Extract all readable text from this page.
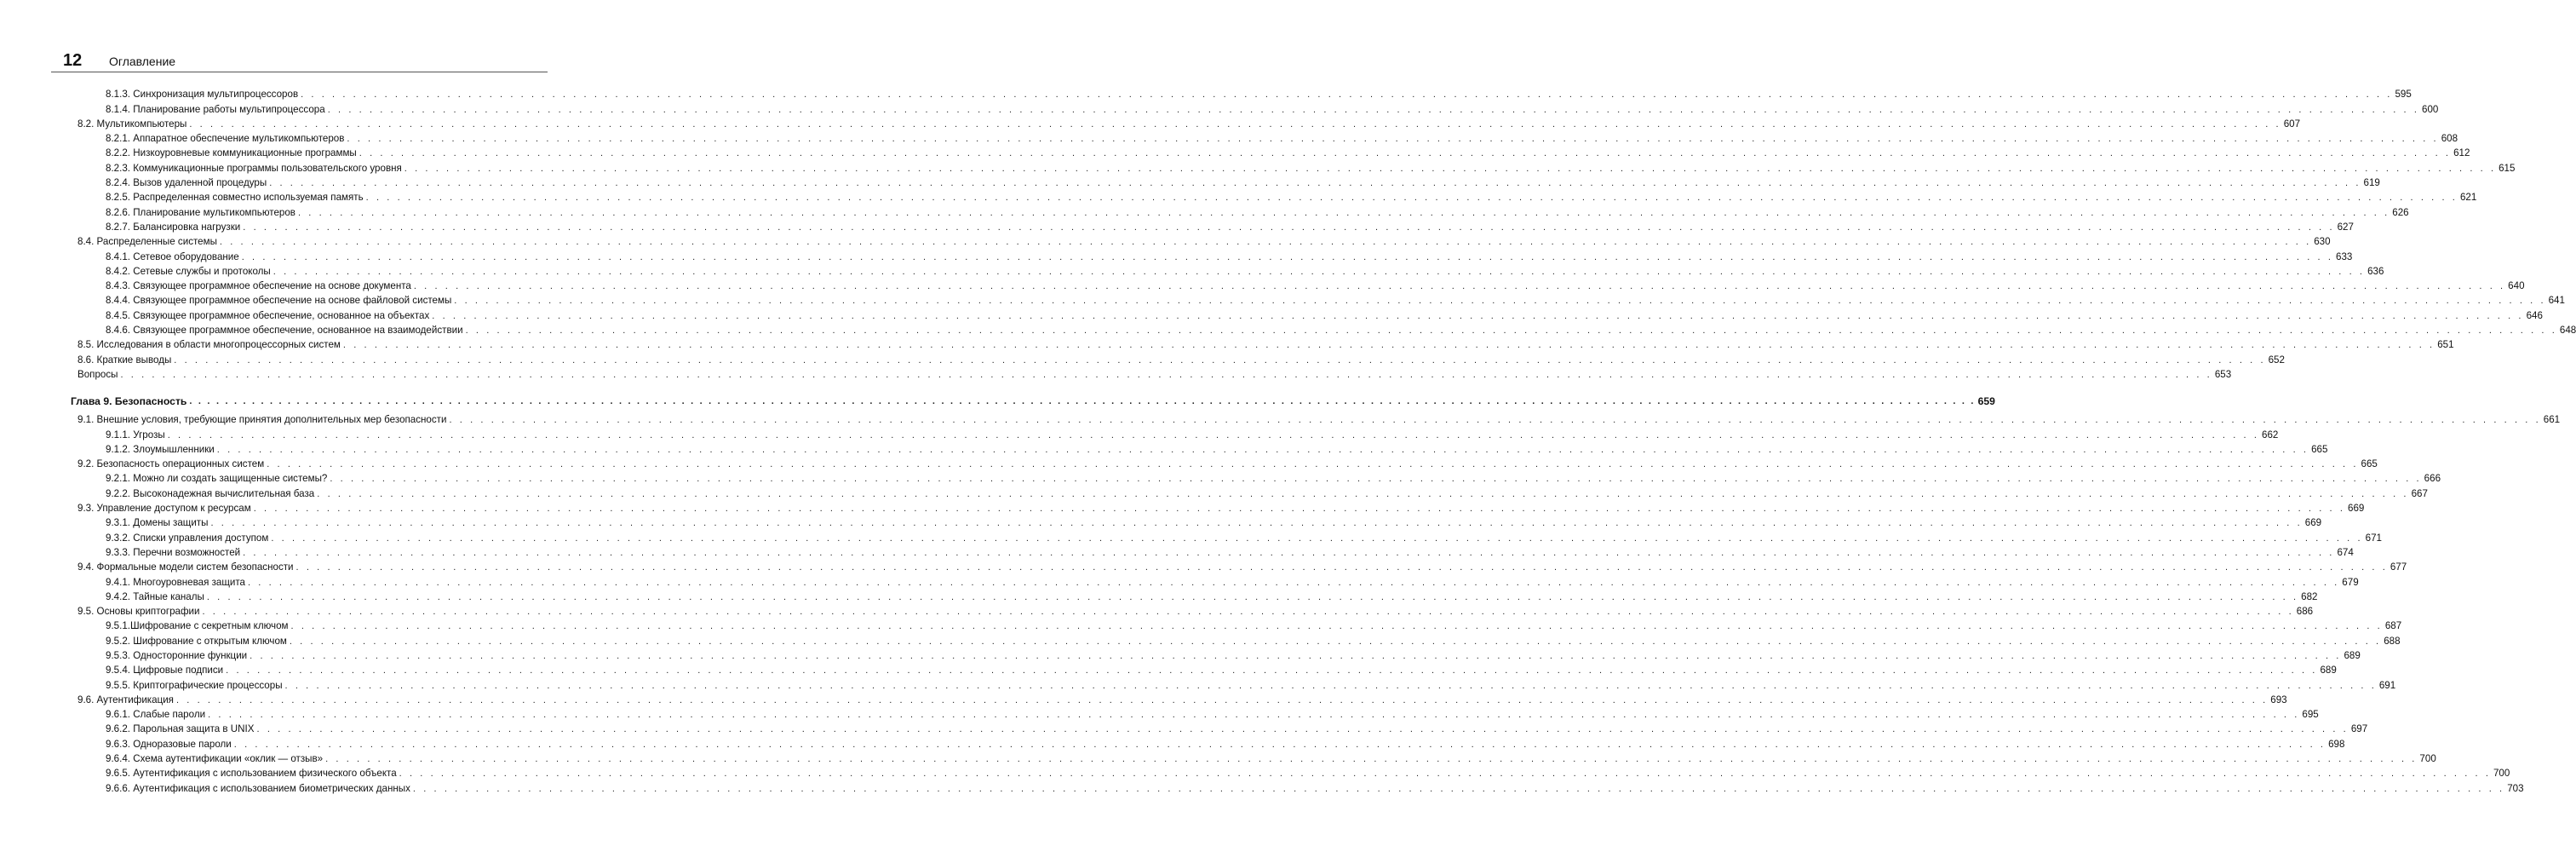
12 Оглавление
8.1.3. Синхронизация мультипроцессоров . . . . . . . . . . . . . . . . . . . . . . . . . . . . . . . . . . . . . . . . . . . . . . . . . . . . . . . . . . . . . . . . . . . . . . . . . . . . . . . . . . . . . . . . . . . . . . . . . . . . . . . . . . . . . . . . . . . . . . . . . . . . . . . . . . . . . . . . . . . . . . . . . . . . . . . . . . . . . . . . . . . . . . . . . . . . . . . . . . . . . . . . . . . . . . . . . . . . . . . . 595
8.1.4. Планирование работы мультипроцессора . . . . . . . . . . . . . . . . . . . . . . . . . . . . . . . . . . . . . . . . . . . . . . . . . . . . . . . . . . . . . . . . . . . . . . . . . . . . . . . . . . . . . . . . . . . . . . . . . . . . . . . . . . . . . . . . . . . . . . . . . . . . . . . . . . . . . . . . . . . . . . . . . . . . . . . . . . . . . . . . . . . . . . . . . . . . . . . . . . . . . . . . . . . . . . . . . . . . . . . . 600
8.2. Мультикомпьютеры . . . . . . . . . . . . . . . . . . . . . . . . . . . . . . . . . . . . . . . . . . . . . . . . . . . . . . . . . . . . . . . . . . . . . . . . . . . . . . . . . . . . . . . . . . . . . . . . . . . . . . . . . . . . . . . . . . . . . . . . . . . . . . . . . . . . . . . . . . . . . . . . . . . . . . . . . . . . . . . . . . . . . . . . . . . . . . . . . . . . . . . . . . . . . . . . . . . . . . . . 607
8.2.1. Аппаратное обеспечение мультикомпьютеров . . . . . . . . . . . . . . . . . . . . . . . . . . . . . . . . . . . . . . . . . . . . . . . . . . . . . . . . . . . . . . . . . . . . . . . . . . . . . . . . . . . . . . . . . . . . . . . . . . . . . . . . . . . . . . . . . . . . . . . . . . . . . . . . . . . . . . . . . . . . . . . . . . . . . . . . . . . . . . . . . . . . . . . . . . . . . . . . . . . . . . . . . . . . . . . . . . . . . . . . 608
8.2.2. Низкоуровневые коммуникационные программы . . . . . . . . . . . . . . . . . . . . . . . . . . . . . . . . . . . . . . . . . . . . . . . . . . . . . . . . . . . . . . . . . . . . . . . . . . . . . . . . . . . . . . . . . . . . . . . . . . . . . . . . . . . . . . . . . . . . . . . . . . . . . . . . . . . . . . . . . . . . . . . . . . . . . . . . . . . . . . . . . . . . . . . . . . . . . . . . . . . . . . . . . . . . . . . . . . . . . . . . 612
8.2.3. Коммуникационные программы пользовательского уровня . . . . . . . . . . . . . . . . . . . . . . . . . . . . . . . . . . . . . . . . . . . . . . . . . . . . . . . . . . . . . . . . . . . . . . . . . . . . . . . . . . . . . . . . . . . . . . . . . . . . . . . . . . . . . . . . . . . . . . . . . . . . . . . . . . . . . . . . . . . . . . . . . . . . . . . . . . . . . . . . . . . . . . . . . . . . . . . . . . . . . . . . . . . . . . . . . . . . . . . . 615
8.2.4. Вызов удаленной процедуры . . . . . . . . . . . . . . . . . . . . . . . . . . . . . . . . . . . . . . . . . . . . . . . . . . . . . . . . . . . . . . . . . . . . . . . . . . . . . . . . . . . . . . . . . . . . . . . . . . . . . . . . . . . . . . . . . . . . . . . . . . . . . . . . . . . . . . . . . . . . . . . . . . . . . . . . . . . . . . . . . . . . . . . . . . . . . . . . . . . . . . . . . . . . . . . . . . . . . . . . 619
8.2.5. Распределенная совместно используемая память . . . . . . . . . . . . . . . . . . . . . . . . . . . . . . . . . . . . . . . . . . . . . . . . . . . . . . . . . . . . . . . . . . . . . . . . . . . . . . . . . . . . . . . . . . . . . . . . . . . . . . . . . . . . . . . . . . . . . . . . . . . . . . . . . . . . . . . . . . . . . . . . . . . . . . . . . . . . . . . . . . . . . . . . . . . . . . . . . . . . . . . . . . . . . . . . . . . . . . . . 621
8.2.6. Планирование мультикомпьютеров . . . . . . . . . . . . . . . . . . . . . . . . . . . . . . . . . . . . . . . . . . . . . . . . . . . . . . . . . . . . . . . . . . . . . . . . . . . . . . . . . . . . . . . . . . . . . . . . . . . . . . . . . . . . . . . . . . . . . . . . . . . . . . . . . . . . . . . . . . . . . . . . . . . . . . . . . . . . . . . . . . . . . . . . . . . . . . . . . . . . . . . . . . . . . . . . . . . . . . . . 626
8.2.7. Балансировка нагрузки . . . . . . . . . . . . . . . . . . . . . . . . . . . . . . . . . . . . . . . . . . . . . . . . . . . . . . . . . . . . . . . . . . . . . . . . . . . . . . . . . . . . . . . . . . . . . . . . . . . . . . . . . . . . . . . . . . . . . . . . . . . . . . . . . . . . . . . . . . . . . . . . . . . . . . . . . . . . . . . . . . . . . . . . . . . . . . . . . . . . . . . . . . . . . . . . . . . . . . . . 627
8.4. Распределенные системы . . . . . . . . . . . . . . . . . . . . . . . . . . . . . . . . . . . . . . . . . . . . . . . . . . . . . . . . . . . . . . . . . . . . . . . . . . . . . . . . . . . . . . . . . . . . . . . . . . . . . . . . . . . . . . . . . . . . . . . . . . . . . . . . . . . . . . . . . . . . . . . . . . . . . . . . . . . . . . . . . . . . . . . . . . . . . . . . . . . . . . . . . . . . . . . . . . . . . . . . 630
8.4.1. Сетевое оборудование . . . . . . . . . . . . . . . . . . . . . . . . . . . . . . . . . . . . . . . . . . . . . . . . . . . . . . . . . . . . . . . . . . . . . . . . . . . . . . . . . . . . . . . . . . . . . . . . . . . . . . . . . . . . . . . . . . . . . . . . . . . . . . . . . . . . . . . . . . . . . . . . . . . . . . . . . . . . . . . . . . . . . . . . . . . . . . . . . . . . . . . . . . . . . . . . . . . . . . . . 633
8.4.2. Сетевые службы и протоколы . . . . . . . . . . . . . . . . . . . . . . . . . . . . . . . . . . . . . . . . . . . . . . . . . . . . . . . . . . . . . . . . . . . . . . . . . . . . . . . . . . . . . . . . . . . . . . . . . . . . . . . . . . . . . . . . . . . . . . . . . . . . . . . . . . . . . . . . . . . . . . . . . . . . . . . . . . . . . . . . . . . . . . . . . . . . . . . . . . . . . . . . . . . . . . . . . . . . . . . . 636
8.4.3. Связующее программное обеспечение на основе документа . . . . . . . . . . . . . . . . . . . . . . . . . . . . . . . . . . . . . . . . . . . . . . . . . . . . . . . . . . . . . . . . . . . . . . . . . . . . . . . . . . . . . . . . . . . . . . . . . . . . . . . . . . . . . . . . . . . . . . . . . . . . . . . . . . . . . . . . . . . . . . . . . . . . . . . . . . . . . . . . . . . . . . . . . . . . . . . . . . . . . . . . . . . . . . . . . . . . . . . . 640
8.4.4. Связующее программное обеспечение на основе файловой системы . . . . . . . . . . . . . . . . . . . . . . . . . . . . . . . . . . . . . . . . . . . . . . . . . . . . . . . . . . . . . . . . . . . . . . . . . . . . . . . . . . . . . . . . . . . . . . . . . . . . . . . . . . . . . . . . . . . . . . . . . . . . . . . . . . . . . . . . . . . . . . . . . . . . . . . . . . . . . . . . . . . . . . . . . . . . . . . . . . . . . . . . . . . . . . . . . . . . . . . . 641
8.4.5. Связующее программное обеспечение, основанное на объектах . . . . . . . . . . . . . . . . . . . . . . . . . . . . . . . . . . . . . . . . . . . . . . . . . . . . . . . . . . . . . . . . . . . . . . . . . . . . . . . . . . . . . . . . . . . . . . . . . . . . . . . . . . . . . . . . . . . . . . . . . . . . . . . . . . . . . . . . . . . . . . . . . . . . . . . . . . . . . . . . . . . . . . . . . . . . . . . . . . . . . . . . . . . . . . . . . . . . . . . . 646
8.4.6. Связующее программное обеспечение, основанное на взаимодействии . . . . . . . . . . . . . . . . . . . . . . . . . . . . . . . . . . . . . . . . . . . . . . . . . . . . . . . . . . . . . . . . . . . . . . . . . . . . . . . . . . . . . . . . . . . . . . . . . . . . . . . . . . . . . . . . . . . . . . . . . . . . . . . . . . . . . . . . . . . . . . . . . . . . . . . . . . . . . . . . . . . . . . . . . . . . . . . . . . . . . . . . . . . . . . . . . . . . . . . . 648
8.5. Исследования в области многопроцессорных систем . . . . . . . . . . . . . . . . . . . . . . . . . . . . . . . . . . . . . . . . . . . . . . . . . . . . . . . . . . . . . . . . . . . . . . . . . . . . . . . . . . . . . . . . . . . . . . . . . . . . . . . . . . . . . . . . . . . . . . . . . . . . . . . . . . . . . . . . . . . . . . . . . . . . . . . . . . . . . . . . . . . . . . . . . . . . . . . . . . . . . . . . . . . . . . . . . . . . . . . . 651
8.6. Краткие выводы . . . . . . . . . . . . . . . . . . . . . . . . . . . . . . . . . . . . . . . . . . . . . . . . . . . . . . . . . . . . . . . . . . . . . . . . . . . . . . . . . . . . . . . . . . . . . . . . . . . . . . . . . . . . . . . . . . . . . . . . . . . . . . . . . . . . . . . . . . . . . . . . . . . . . . . . . . . . . . . . . . . . . . . . . . . . . . . . . . . . . . . . . . . . . . . . . . . . . . . . 652
Вопросы . . . . . . . . . . . . . . . . . . . . . . . . . . . . . . . . . . . . . . . . . . . . . . . . . . . . . . . . . . . . . . . . . . . . . . . . . . . . . . . . . . . . . . . . . . . . . . . . . . . . . . . . . . . . . . . . . . . . . . . . . . . . . . . . . . . . . . . . . . . . . . . . . . . . . . . . . . . . . . . . . . . . . . . . . . . . . . . . . . . . . . . . . . . . . . . . . . . . . . . . 653
Глава 9. Безопасность . . . . . . . . . . . . . . . . . . . . . . . . . . . . . . . . . . . . . . . . . . . . . . . . . . . . . . . . . . . . . . . . . . . . . . . . . . . . . . . . . . . . . . . . . . . . . . . . . . . . . . . . . . . . . . . . . . . . . . . . . . . . . . . . . . . . . . . . . . . . . . . . . . . . . . . . . . . . . . . . . . . . . . . . . . . . . . . . . . . . . . . . . . . . . . . . . . . . . . . . 659
9.1. Внешние условия, требующие принятия дополнительных мер безопасности . . . . . . . . . . . . . . . . . . . . . . . . . . . . . . . . . . . . . . . . . . . . . . . . . . . . . . . . . . . . . . . . . . . . . . . . . . . . . . . . . . . . . . . . . . . . . . . . . . . . . . . . . . . . . . . . . . . . . . . . . . . . . . . . . . . . . . . . . . . . . . . . . . . . . . . . . . . . . . . . . . . . . . . . . . . . . . . . . . . . . . . . . . . . . . . . . . . . . . . . 661
9.1.1. Угрозы . . . . . . . . . . . . . . . . . . . . . . . . . . . . . . . . . . . . . . . . . . . . . . . . . . . . . . . . . . . . . . . . . . . . . . . . . . . . . . . . . . . . . . . . . . . . . . . . . . . . . . . . . . . . . . . . . . . . . . . . . . . . . . . . . . . . . . . . . . . . . . . . . . . . . . . . . . . . . . . . . . . . . . . . . . . . . . . . . . . . . . . . . . . . . . . . . . . . . . . . 662
9.1.2. Злоумышленники . . . . . . . . . . . . . . . . . . . . . . . . . . . . . . . . . . . . . . . . . . . . . . . . . . . . . . . . . . . . . . . . . . . . . . . . . . . . . . . . . . . . . . . . . . . . . . . . . . . . . . . . . . . . . . . . . . . . . . . . . . . . . . . . . . . . . . . . . . . . . . . . . . . . . . . . . . . . . . . . . . . . . . . . . . . . . . . . . . . . . . . . . . . . . . . . . . . . . . . . 665
9.2. Безопасность операционных систем . . . . . . . . . . . . . . . . . . . . . . . . . . . . . . . . . . . . . . . . . . . . . . . . . . . . . . . . . . . . . . . . . . . . . . . . . . . . . . . . . . . . . . . . . . . . . . . . . . . . . . . . . . . . . . . . . . . . . . . . . . . . . . . . . . . . . . . . . . . . . . . . . . . . . . . . . . . . . . . . . . . . . . . . . . . . . . . . . . . . . . . . . . . . . . . . . . . . . . . . 665
9.2.1. Можно ли создать защищенные системы? . . . . . . . . . . . . . . . . . . . . . . . . . . . . . . . . . . . . . . . . . . . . . . . . . . . . . . . . . . . . . . . . . . . . . . . . . . . . . . . . . . . . . . . . . . . . . . . . . . . . . . . . . . . . . . . . . . . . . . . . . . . . . . . . . . . . . . . . . . . . . . . . . . . . . . . . . . . . . . . . . . . . . . . . . . . . . . . . . . . . . . . . . . . . . . . . . . . . . . . . 666
9.2.2. Высоконадежная вычислительная база . . . . . . . . . . . . . . . . . . . . . . . . . . . . . . . . . . . . . . . . . . . . . . . . . . . . . . . . . . . . . . . . . . . . . . . . . . . . . . . . . . . . . . . . . . . . . . . . . . . . . . . . . . . . . . . . . . . . . . . . . . . . . . . . . . . . . . . . . . . . . . . . . . . . . . . . . . . . . . . . . . . . . . . . . . . . . . . . . . . . . . . . . . . . . . . . . . . . . . . . 667
9.3. Управление доступом к ресурсам . . . . . . . . . . . . . . . . . . . . . . . . . . . . . . . . . . . . . . . . . . . . . . . . . . . . . . . . . . . . . . . . . . . . . . . . . . . . . . . . . . . . . . . . . . . . . . . . . . . . . . . . . . . . . . . . . . . . . . . . . . . . . . . . . . . . . . . . . . . . . . . . . . . . . . . . . . . . . . . . . . . . . . . . . . . . . . . . . . . . . . . . . . . . . . . . . . . . . . . . 669
9.3.1. Домены защиты . . . . . . . . . . . . . . . . . . . . . . . . . . . . . . . . . . . . . . . . . . . . . . . . . . . . . . . . . . . . . . . . . . . . . . . . . . . . . . . . . . . . . . . . . . . . . . . . . . . . . . . . . . . . . . . . . . . . . . . . . . . . . . . . . . . . . . . . . . . . . . . . . . . . . . . . . . . . . . . . . . . . . . . . . . . . . . . . . . . . . . . . . . . . . . . . . . . . . . . . 669
9.3.2. Списки управления доступом . . . . . . . . . . . . . . . . . . . . . . . . . . . . . . . . . . . . . . . . . . . . . . . . . . . . . . . . . . . . . . . . . . . . . . . . . . . . . . . . . . . . . . . . . . . . . . . . . . . . . . . . . . . . . . . . . . . . . . . . . . . . . . . . . . . . . . . . . . . . . . . . . . . . . . . . . . . . . . . . . . . . . . . . . . . . . . . . . . . . . . . . . . . . . . . . . . . . . . . . 671
9.3.3. Перечни возможностей . . . . . . . . . . . . . . . . . . . . . . . . . . . . . . . . . . . . . . . . . . . . . . . . . . . . . . . . . . . . . . . . . . . . . . . . . . . . . . . . . . . . . . . . . . . . . . . . . . . . . . . . . . . . . . . . . . . . . . . . . . . . . . . . . . . . . . . . . . . . . . . . . . . . . . . . . . . . . . . . . . . . . . . . . . . . . . . . . . . . . . . . . . . . . . . . . . . . . . . . 674
9.4. Формальные модели систем безопасности . . . . . . . . . . . . . . . . . . . . . . . . . . . . . . . . . . . . . . . . . . . . . . . . . . . . . . . . . . . . . . . . . . . . . . . . . . . . . . . . . . . . . . . . . . . . . . . . . . . . . . . . . . . . . . . . . . . . . . . . . . . . . . . . . . . . . . . . . . . . . . . . . . . . . . . . . . . . . . . . . . . . . . . . . . . . . . . . . . . . . . . . . . . . . . . . . . . . . . . . 677
9.4.1. Многоуровневая защита . . . . . . . . . . . . . . . . . . . . . . . . . . . . . . . . . . . . . . . . . . . . . . . . . . . . . . . . . . . . . . . . . . . . . . . . . . . . . . . . . . . . . . . . . . . . . . . . . . . . . . . . . . . . . . . . . . . . . . . . . . . . . . . . . . . . . . . . . . . . . . . . . . . . . . . . . . . . . . . . . . . . . . . . . . . . . . . . . . . . . . . . . . . . . . . . . . . . . . . . 679
9.4.2. Тайные каналы . . . . . . . . . . . . . . . . . . . . . . . . . . . . . . . . . . . . . . . . . . . . . . . . . . . . . . . . . . . . . . . . . . . . . . . . . . . . . . . . . . . . . . . . . . . . . . . . . . . . . . . . . . . . . . . . . . . . . . . . . . . . . . . . . . . . . . . . . . . . . . . . . . . . . . . . . . . . . . . . . . . . . . . . . . . . . . . . . . . . . . . . . . . . . . . . . . . . . . . . 682
9.5. Основы криптографии . . . . . . . . . . . . . . . . . . . . . . . . . . . . . . . . . . . . . . . . . . . . . . . . . . . . . . . . . . . . . . . . . . . . . . . . . . . . . . . . . . . . . . . . . . . . . . . . . . . . . . . . . . . . . . . . . . . . . . . . . . . . . . . . . . . . . . . . . . . . . . . . . . . . . . . . . . . . . . . . . . . . . . . . . . . . . . . . . . . . . . . . . . . . . . . . . . . . . . . . 686
9.5.1.Шифрование с секретным ключом . . . . . . . . . . . . . . . . . . . . . . . . . . . . . . . . . . . . . . . . . . . . . . . . . . . . . . . . . . . . . . . . . . . . . . . . . . . . . . . . . . . . . . . . . . . . . . . . . . . . . . . . . . . . . . . . . . . . . . . . . . . . . . . . . . . . . . . . . . . . . . . . . . . . . . . . . . . . . . . . . . . . . . . . . . . . . . . . . . . . . . . . . . . . . . . . . . . . . . . . 687
9.5.2. Шифрование с открытым ключом . . . . . . . . . . . . . . . . . . . . . . . . . . . . . . . . . . . . . . . . . . . . . . . . . . . . . . . . . . . . . . . . . . . . . . . . . . . . . . . . . . . . . . . . . . . . . . . . . . . . . . . . . . . . . . . . . . . . . . . . . . . . . . . . . . . . . . . . . . . . . . . . . . . . . . . . . . . . . . . . . . . . . . . . . . . . . . . . . . . . . . . . . . . . . . . . . . . . . . . . 688
9.5.3. Односторонние функции . . . . . . . . . . . . . . . . . . . . . . . . . . . . . . . . . . . . . . . . . . . . . . . . . . . . . . . . . . . . . . . . . . . . . . . . . . . . . . . . . . . . . . . . . . . . . . . . . . . . . . . . . . . . . . . . . . . . . . . . . . . . . . . . . . . . . . . . . . . . . . . . . . . . . . . . . . . . . . . . . . . . . . . . . . . . . . . . . . . . . . . . . . . . . . . . . . . . . . . . 689
9.5.4. Цифровые подписи . . . . . . . . . . . . . . . . . . . . . . . . . . . . . . . . . . . . . . . . . . . . . . . . . . . . . . . . . . . . . . . . . . . . . . . . . . . . . . . . . . . . . . . . . . . . . . . . . . . . . . . . . . . . . . . . . . . . . . . . . . . . . . . . . . . . . . . . . . . . . . . . . . . . . . . . . . . . . . . . . . . . . . . . . . . . . . . . . . . . . . . . . . . . . . . . . . . . . . . . 689
9.5.5. Криптографические процессоры . . . . . . . . . . . . . . . . . . . . . . . . . . . . . . . . . . . . . . . . . . . . . . . . . . . . . . . . . . . . . . . . . . . . . . . . . . . . . . . . . . . . . . . . . . . . . . . . . . . . . . . . . . . . . . . . . . . . . . . . . . . . . . . . . . . . . . . . . . . . . . . . . . . . . . . . . . . . . . . . . . . . . . . . . . . . . . . . . . . . . . . . . . . . . . . . . . . . . . . . 691
9.6. Аутентификация . . . . . . . . . . . . . . . . . . . . . . . . . . . . . . . . . . . . . . . . . . . . . . . . . . . . . . . . . . . . . . . . . . . . . . . . . . . . . . . . . . . . . . . . . . . . . . . . . . . . . . . . . . . . . . . . . . . . . . . . . . . . . . . . . . . . . . . . . . . . . . . . . . . . . . . . . . . . . . . . . . . . . . . . . . . . . . . . . . . . . . . . . . . . . . . . . . . . . . . . 693
9.6.1. Слабые пароли . . . . . . . . . . . . . . . . . . . . . . . . . . . . . . . . . . . . . . . . . . . . . . . . . . . . . . . . . . . . . . . . . . . . . . . . . . . . . . . . . . . . . . . . . . . . . . . . . . . . . . . . . . . . . . . . . . . . . . . . . . . . . . . . . . . . . . . . . . . . . . . . . . . . . . . . . . . . . . . . . . . . . . . . . . . . . . . . . . . . . . . . . . . . . . . . . . . . . . . . 695
9.6.2. Парольная защита в UNIX . . . . . . . . . . . . . . . . . . . . . . . . . . . . . . . . . . . . . . . . . . . . . . . . . . . . . . . . . . . . . . . . . . . . . . . . . . . . . . . . . . . . . . . . . . . . . . . . . . . . . . . . . . . . . . . . . . . . . . . . . . . . . . . . . . . . . . . . . . . . . . . . . . . . . . . . . . . . . . . . . . . . . . . . . . . . . . . . . . . . . . . . . . . . . . . . . . . . . . . . 697
9.6.3. Одноразовые пароли . . . . . . . . . . . . . . . . . . . . . . . . . . . . . . . . . . . . . . . . . . . . . . . . . . . . . . . . . . . . . . . . . . . . . . . . . . . . . . . . . . . . . . . . . . . . . . . . . . . . . . . . . . . . . . . . . . . . . . . . . . . . . . . . . . . . . . . . . . . . . . . . . . . . . . . . . . . . . . . . . . . . . . . . . . . . . . . . . . . . . . . . . . . . . . . . . . . . . . . . 698
9.6.4. Схема аутентификации «оклик — отзыв» . . . . . . . . . . . . . . . . . . . . . . . . . . . . . . . . . . . . . . . . . . . . . . . . . . . . . . . . . . . . . . . . . . . . . . . . . . . . . . . . . . . . . . . . . . . . . . . . . . . . . . . . . . . . . . . . . . . . . . . . . . . . . . . . . . . . . . . . . . . . . . . . . . . . . . . . . . . . . . . . . . . . . . . . . . . . . . . . . . . . . . . . . . . . . . . . . . . . . . . . 700
9.6.5. Аутентификация с использованием физического объекта . . . . . . . . . . . . . . . . . . . . . . . . . . . . . . . . . . . . . . . . . . . . . . . . . . . . . . . . . . . . . . . . . . . . . . . . . . . . . . . . . . . . . . . . . . . . . . . . . . . . . . . . . . . . . . . . . . . . . . . . . . . . . . . . . . . . . . . . . . . . . . . . . . . . . . . . . . . . . . . . . . . . . . . . . . . . . . . . . . . . . . . . . . . . . . . . . . . . . . . . 700
9.6.6. Аутентификация с использованием биометрических данных . . . . . . . . . . . . . . . . . . . . . . . . . . . . . . . . . . . . . . . . . . . . . . . . . . . . . . . . . . . . . . . . . . . . . . . . . . . . . . . . . . . . . . . . . . . . . . . . . . . . . . . . . . . . . . . . . . . . . . . . . . . . . . . . . . . . . . . . . . . . . . . . . . . . . . . . . . . . . . . . . . . . . . . . . . . . . . . . . . . . . . . . . . . . . . . . . . . . . . . . 703
